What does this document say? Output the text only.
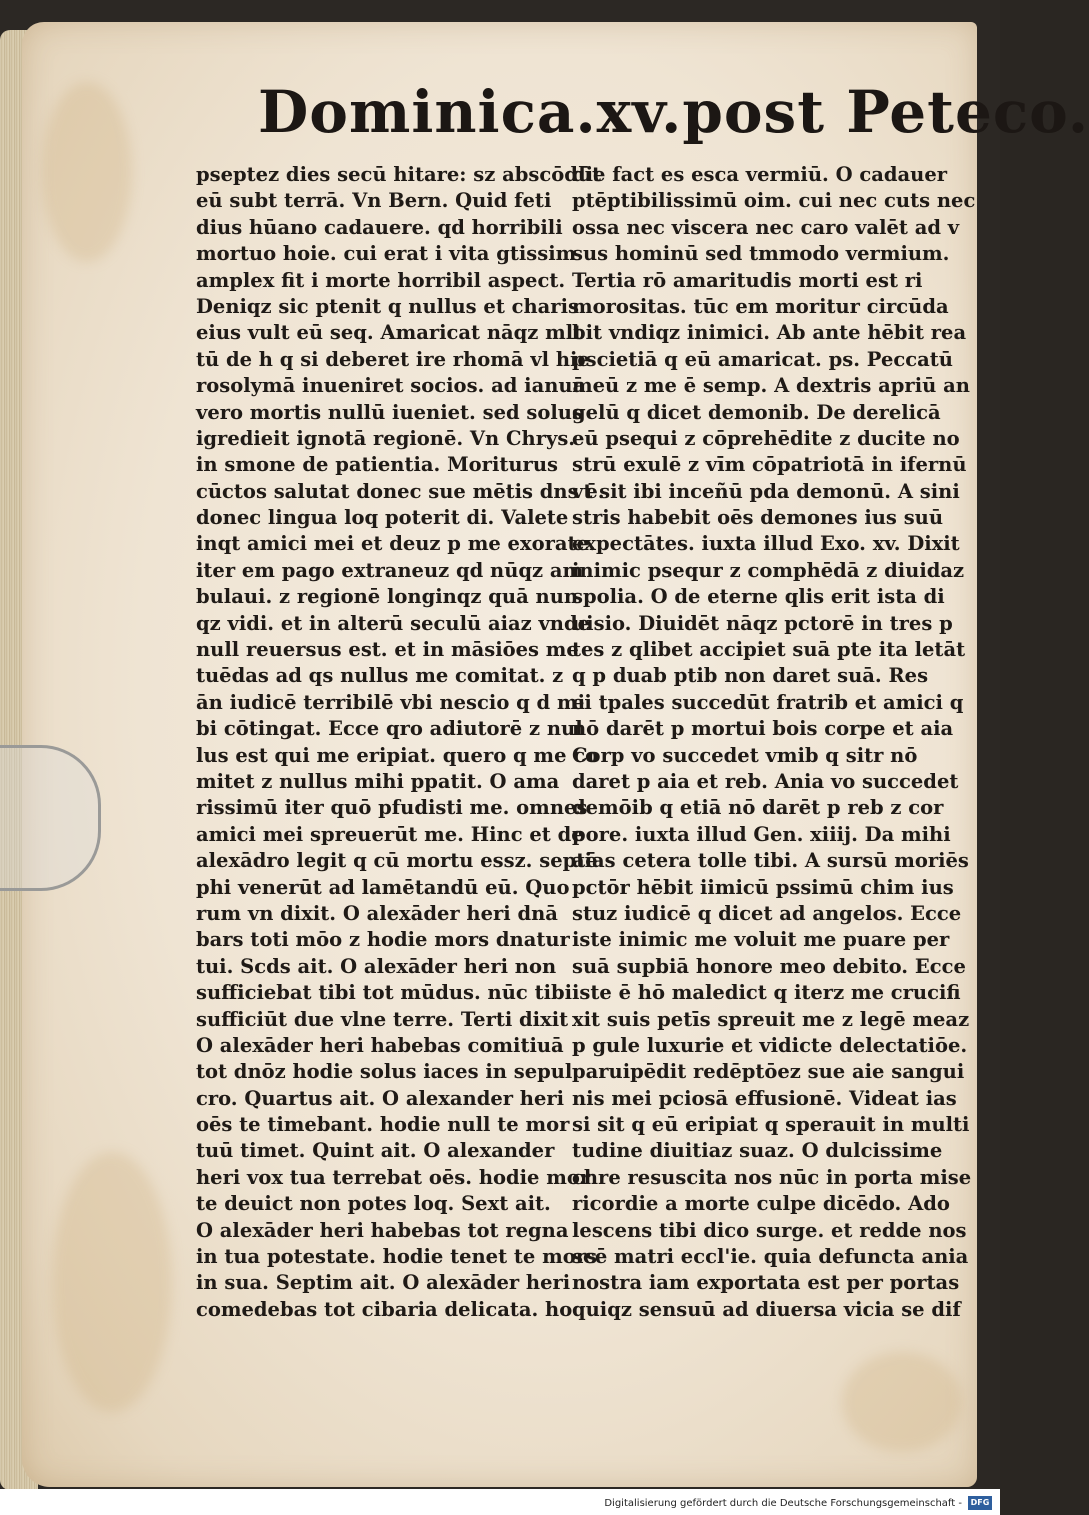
Dominica.xv.post Peteco.
pseptez dies secū hitare: sz abscōdūt
eū subt terrā. Vn Bern. Quid feti
dius hūano cadauere. qd horribili
mortuo hoie. cui erat i vita gtissim
amplex fit i morte horribil aspect.
Deniqz sic ptenit q nullus et charis
eius vult eū seq. Amaricat nāqz mlt
tū de h q si deberet ire rhomā vl hie
rosolymā inueniret socios. ad ianuā
vero mortis nullū iueniet. sed solus
igredieit ignotā regionē. Vn Chrys.
in smone de patientia. Moriturus
cūctos salutat donec sue mētis dns ē.
donec lingua loq poterit di. Valete
inqt amici mei et deuz p me exorate.
iter em pago extraneuz qd nūqz am
bulaui. z regionē longinqz quā nun
qz vidi. et in alterū seculū aiaz vnde
null reuersus est. et in māsiōes me
tuēdas ad qs nullus me comitat. z
ān iudicē terribilē vbi nescio q d mi
bi cōtingat. Ecce qro adiutorē z nul
lus est qui me eripiat. quero q me co
mitet z nullus mihi ppatit. O ama
rissimū iter quō pfudisti me. omnes
amici mei spreuerūt me. Hinc et de
alexādro legit q cū mortu essz. septē
phi venerūt ad lamētandū eū. Quo
rum vn dixit. O alexāder heri dnā
bars toti mōo z hodie mors dnatur
tui. Scds ait. O alexāder heri non
sufficiebat tibi tot mūdus. nūc tibi
sufficiūt due vlne terre. Terti dixit
O alexāder heri habebas comitiuā
tot dnōz hodie solus iaces in sepul
cro. Quartus ait. O alexander heri
oēs te timebant. hodie null te mor
tuū timet. Quint ait. O alexander
heri vox tua terrebat oēs. hodie mor
te deuict non potes loq. Sext ait.
O alexāder heri habebas tot regna
in tua potestate. hodie tenet te mors
in sua. Septim ait. O alexāder heri
comedebas tot cibaria delicata. ho
die fact es esca vermiū. O cadauer
ptēptibilissimū oim. cui nec cuts nec
ossa nec viscera nec caro valēt ad v
sus hominū sed tmmodo vermium.
Tertia rō amaritudis morti est ri
morositas. tūc em moritur circūda
bit vndiqz inimici. Ab ante hēbit rea
pscietiā q eū amaricat. ps. Peccatū
meū z me ē semp. A dextris apriū an
gelū q dicet demonib. De derelicā
eū psequi z cōprehēdite z ducite no
strū exulē z vīm cōpatriotā in ifernū
vt sit ibi inceñū pda demonū. A sini
stris habebit oēs demones ius suū
expectātes. iuxta illud Exo. xv. Dixit
inimic psequr z comphēdā z diuidaz
spolia. O de eterne qlis erit ista di
uisio. Diuidēt nāqz pctorē in tres p
tes z qlibet accipiet suā pte ita letāt
q p duab ptib non daret suā. Res
ei tpales succedūt fratrib et amici q
nō darēt p mortui bois corpe et aia
Corp vo succedet vmib q sitr nō
daret p aia et reb. Ania vo succedet
demōib q etiā nō darēt p reb z cor
pore. iuxta illud Gen. xiiij. Da mihi
aias cetera tolle tibi. A sursū moriēs
pctōr hēbit iimicū pssimū chim ius
stuz iudicē q dicet ad angelos. Ecce
iste inimic me voluit me puare per
suā supbiā honore meo debito. Ecce
iste ē hō maledict q iterz me crucifi
xit suis petīs spreuit me z legē meaz
p gule luxurie et vidicte delectatiōe.
paruipēdit redēptōez sue aie sangui
nis mei pciosā effusionē. Videat ias
si sit q eū eripiat q sperauit in multi
tudine diuitiaz suaz. O dulcissime
chre resuscita nos nūc in porta mise
ricordie a morte culpe dicēdo. Ado
lescens tibi dico surge. et redde nos
scē matri eccl'ie. quia defuncta ania
nostra iam exportata est per portas
quiqz sensuū ad diuersa vicia se dif
Digitalisierung gefördert durch die Deutsche Forschungsgemeinschaft -	DFG
